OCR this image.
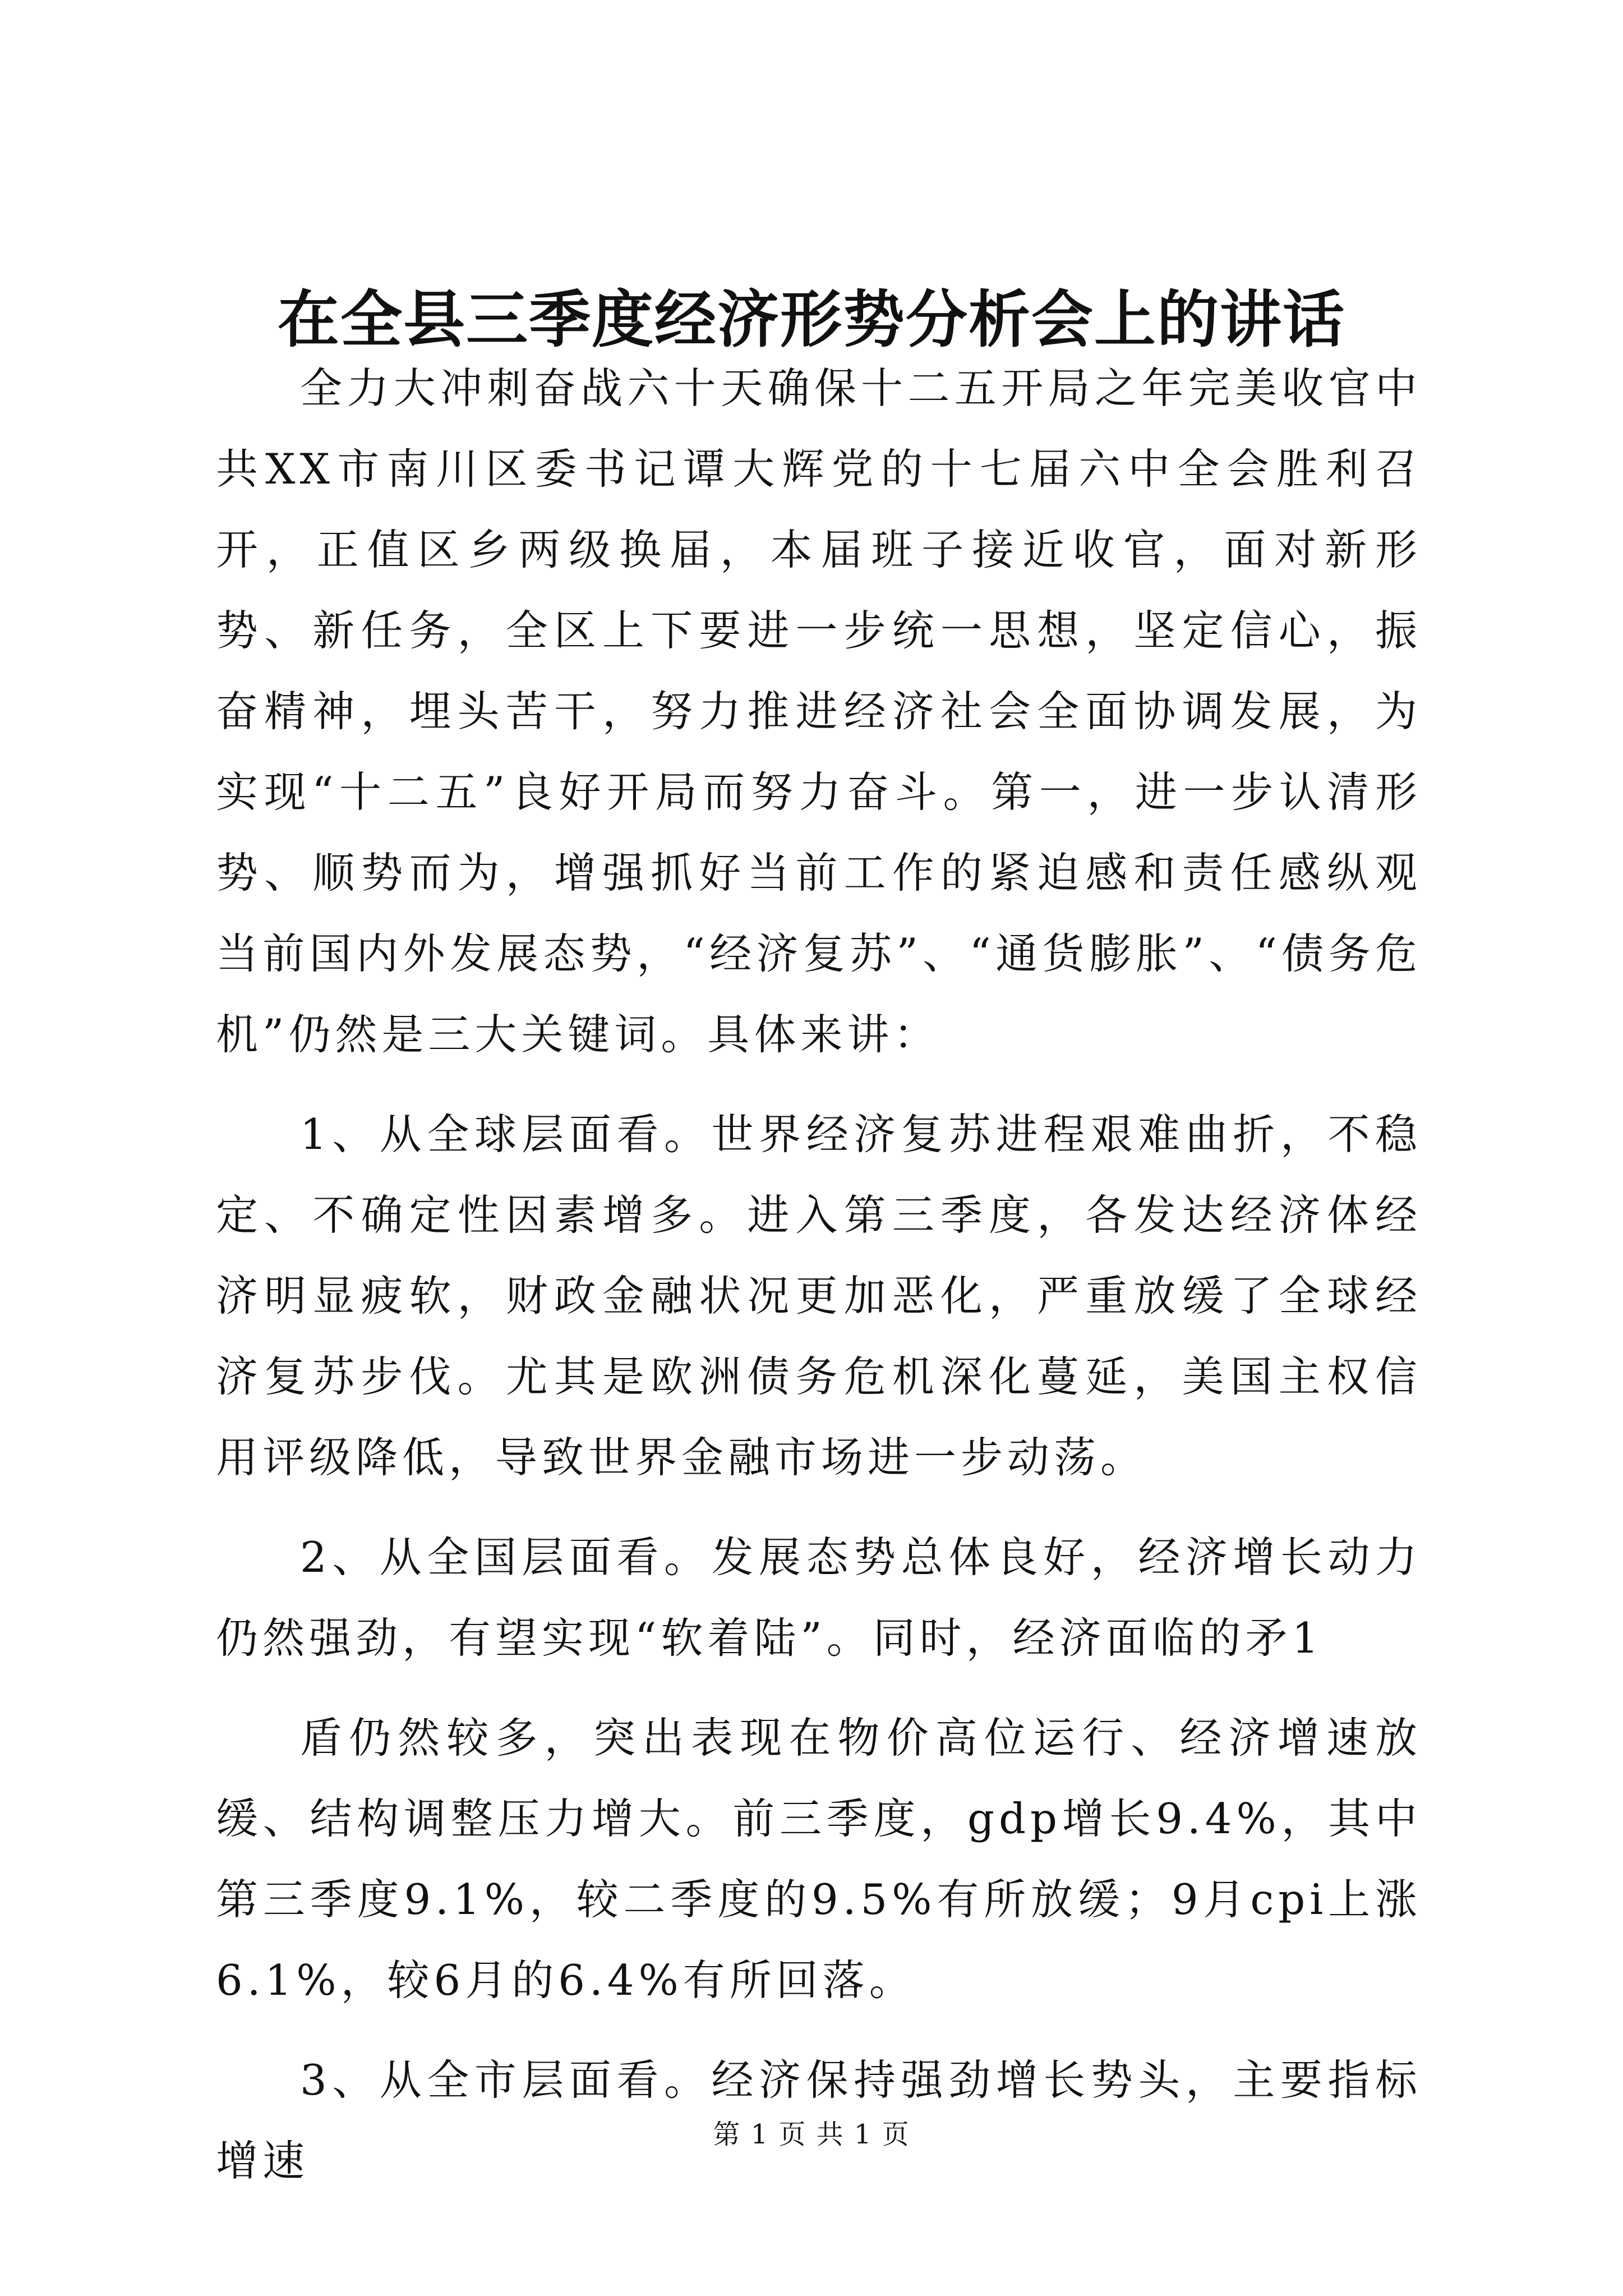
在全县三季度经济形势分析会上的讲话

全力大冲刺奋战六十天确保十二五开局之年完美收官中共XX市南川区委书记谭大辉党的十七届六中全会胜利召开，正值区乡两级换届，本届班子接近收官，面对新形势、新任务，全区上下要进一步统一思想，坚定信心，振奋精神，埋头苦干，努力推进经济社会全面协调发展，为实现“十二五”良好开局而努力奋斗。第一，进一步认清形势、顺势而为，增强抓好当前工作的紧迫感和责任感纵观当前国内外发展态势，“经济复苏”、“通货膨胀”、“债务危机”仍然是三大关键词。具体来讲：

1、从全球层面看。世界经济复苏进程艰难曲折，不稳定、不确定性因素增多。进入第三季度，各发达经济体经济明显疲软，财政金融状况更加恶化，严重放缓了全球经济复苏步伐。尤其是欧洲债务危机深化蔓延，美国主权信用评级降低，导致世界金融市场进一步动荡。

2、从全国层面看。发展态势总体良好，经济增长动力仍然强劲，有望实现“软着陆”。同时，经济面临的矛1

盾仍然较多，突出表现在物价高位运行、经济增速放缓、结构调整压力增大。前三季度，gdp增长9.4%，其中第三季度9.1%，较二季度的9.5%有所放缓；9月cpi上涨6.1%，较6月的6.4%有所回落。

3、从全市层面看。经济保持强劲增长势头，主要指标增速

第 1 页 共 1 页
